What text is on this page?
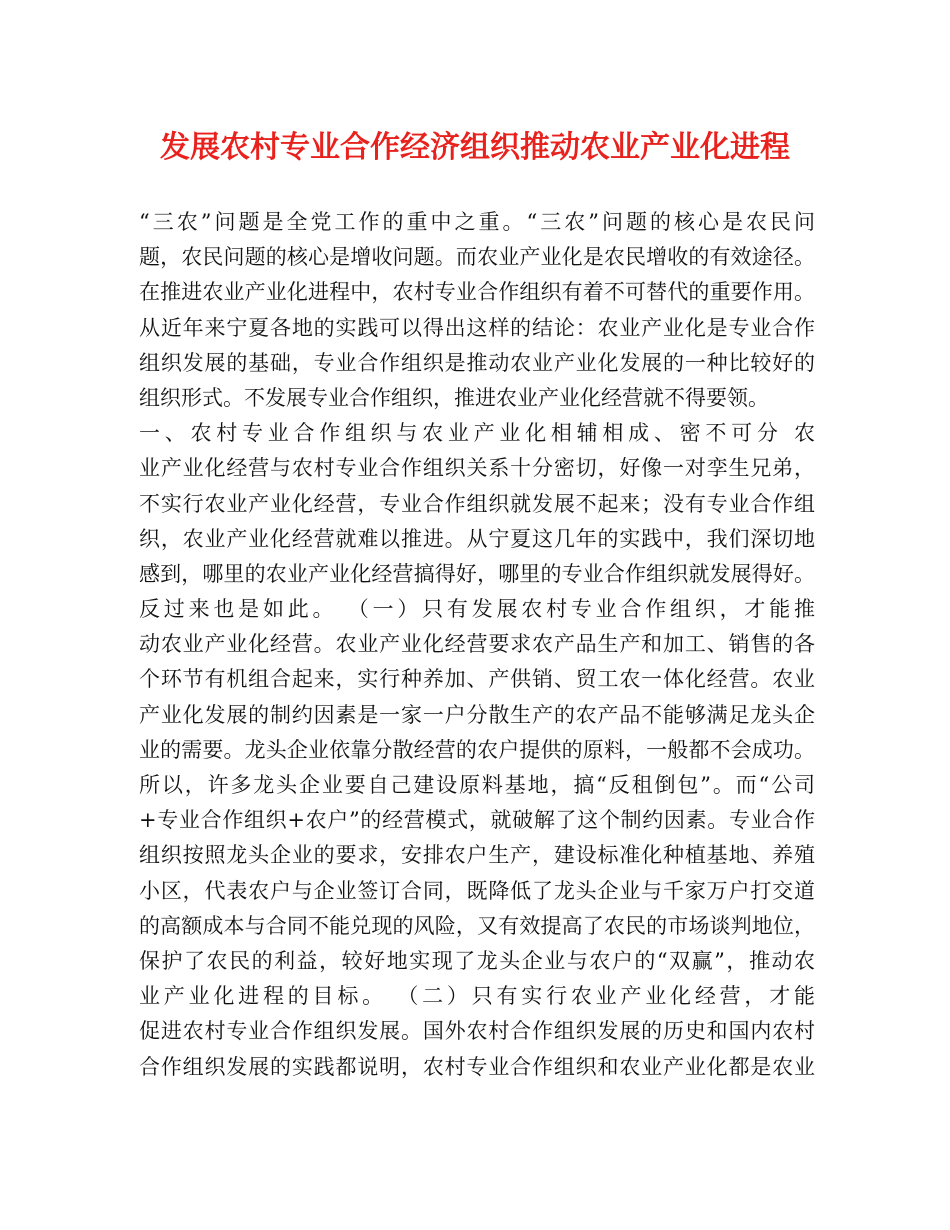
发展农村专业合作经济组织推动农业产业化进程
“三农”问题是全党工作的重中之重。“三农”问题的核心是农民问
题，农民问题的核心是增收问题。而农业产业化是农民增收的有效途径。
在推进农业产业化进程中，农村专业合作组织有着不可替代的重要作用。
从近年来宁夏各地的实践可以得出这样的结论：农业产业化是专业合作
组织发展的基础，专业合作组织是推动农业产业化发展的一种比较好的
组织形式。不发展专业合作组织，推进农业产业化经营就不得要领。
一、农村专业合作组织与农业产业化相辅相成、密不可分 农
业产业化经营与农村专业合作组织关系十分密切，好像一对孪生兄弟，
不实行农业产业化经营，专业合作组织就发展不起来；没有专业合作组
织，农业产业化经营就难以推进。从宁夏这几年的实践中，我们深切地
感到，哪里的农业产业化经营搞得好，哪里的专业合作组织就发展得好。
反过来也是如此。 （一）只有发展农村专业合作组织，才能推
动农业产业化经营。农业产业化经营要求农产品生产和加工、销售的各
个环节有机组合起来，实行种养加、产供销、贸工农一体化经营。农业
产业化发展的制约因素是一家一户分散生产的农产品不能够满足龙头企
业的需要。龙头企业依靠分散经营的农户提供的原料，一般都不会成功。
所以，许多龙头企业要自己建设原料基地，搞“反租倒包”。而“公司
+专业合作组织+农户”的经营模式，就破解了这个制约因素。专业合作
组织按照龙头企业的要求，安排农户生产，建设标准化种植基地、养殖
小区，代表农户与企业签订合同，既降低了龙头企业与千家万户打交道
的高额成本与合同不能兑现的风险，又有效提高了农民的市场谈判地位，
保护了农民的利益，较好地实现了龙头企业与农户的“双赢”，推动农
业产业化进程的目标。 （二）只有实行农业产业化经营，才能
促进农村专业合作组织发展。国外农村合作组织发展的历史和国内农村
合作组织发展的实践都说明，农村专业合作组织和农业产业化都是农业
